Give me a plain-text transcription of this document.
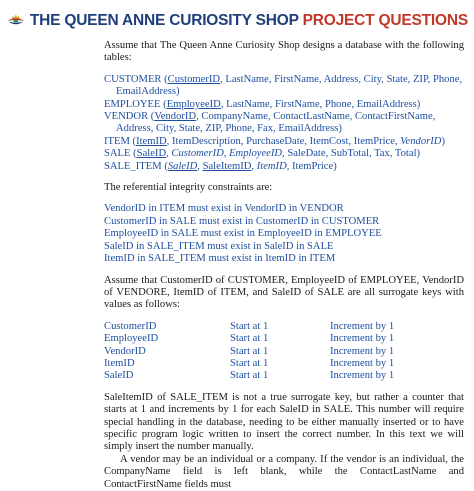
THE QUEEN ANNE CURIOSITY SHOP PROJECT QUESTIONS

Assume that The Queen Anne Curiosity Shop designs a database with the following tables:

CUSTOMER (CustomerID, LastName, FirstName, Address, City, State, ZIP, Phone, EmailAddress)
EMPLOYEE (EmployeeID, LastName, FirstName, Phone, EmailAddress)
VENDOR (VendorID, CompanyName, ContactLastName, ContactFirstName, Address, City, State, ZIP, Phone, Fax, EmailAddress)
ITEM (ItemID, ItemDescription, PurchaseDate, ItemCost, ItemPrice, VendorID)
SALE (SaleID, CustomerID, EmployeeID, SaleDate, SubTotal, Tax, Total)
SALE_ITEM (SaleID, SaleItemID, ItemID, ItemPrice)

The referential integrity constraints are:

VendorID in ITEM must exist in VendorID in VENDOR
CustomerID in SALE must exist in CustomerID in CUSTOMER
EmployeeID in SALE must exist in EmployeeID in EMPLOYEE
SaleID in SALE_ITEM must exist in SaleID in SALE
ItemID in SALE_ITEM must exist in ItemID in ITEM

Assume that CustomerID of CUSTOMER, EmployeeID of EMPLOYEE, VendorID of VENDORE, ItemID of ITEM, and SaleID of SALE are all surrogate keys with values as follows:

CustomerID	Start at 1	Increment by 1
EmployeeID	Start at 1	Increment by 1
VendorID	Start at 1	Increment by 1
ItemID	Start at 1	Increment by 1
SaleID	Start at 1	Increment by 1

SaleItemID of SALE_ITEM is not a true surrogate key, but rather a counter that starts at 1 and increments by 1 for each SaleID in SALE. This number will require special handling in the database, needing to be either manually inserted or to have specific program logic written to insert the correct number. In this text we will simply insert the number manually.

A vendor may be an individual or a company. If the vendor is an individual, the CompanyName field is left blank, while the ContactLastName and ContactFirstName fields must
